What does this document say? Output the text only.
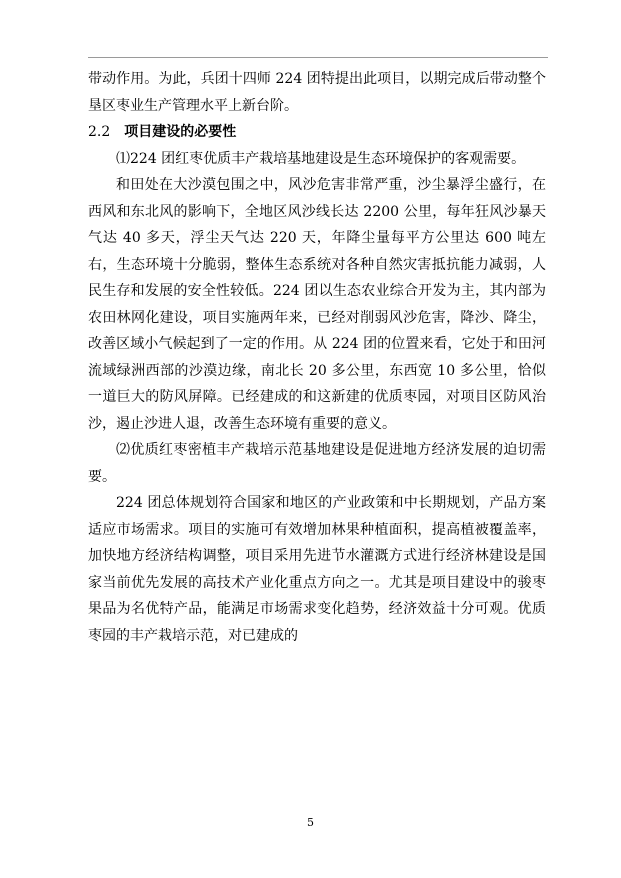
带动作用。为此，兵团十四师 224 团特提出此项目，以期完成后带动整个垦区枣业生产管理水平上新台阶。

2.2 项目建设的必要性

⑴224 团红枣优质丰产栽培基地建设是生态环境保护的客观需要。

和田处在大沙漠包围之中，风沙危害非常严重，沙尘暴浮尘盛行，在西风和东北风的影响下，全地区风沙线长达 2200 公里，每年狂风沙暴天气达 40 多天，浮尘天气达 220 天，年降尘量每平方公里达 600 吨左右，生态环境十分脆弱，整体生态系统对各种自然灾害抵抗能力减弱，人民生存和发展的安全性较低。224 团以生态农业综合开发为主，其内部为农田林网化建设，项目实施两年来，已经对削弱风沙危害，降沙、降尘，改善区域小气候起到了一定的作用。从 224 团的位置来看，它处于和田河流域绿洲西部的沙漠边缘，南北长 20 多公里，东西宽 10 多公里，恰似一道巨大的防风屏障。已经建成的和这新建的优质枣园，对项目区防风治沙，遏止沙进人退，改善生态环境有重要的意义。

⑵优质红枣密植丰产栽培示范基地建设是促进地方经济发展的迫切需要。

224 团总体规划符合国家和地区的产业政策和中长期规划，产品方案适应市场需求。项目的实施可有效增加林果种植面积，提高植被覆盖率，加快地方经济结构调整，项目采用先进节水灌溉方式进行经济林建设是国家当前优先发展的高技术产业化重点方向之一。尤其是项目建设中的骏枣果品为名优特产品，能满足市场需求变化趋势，经济效益十分可观。优质枣园的丰产栽培示范，对已建成的

5
